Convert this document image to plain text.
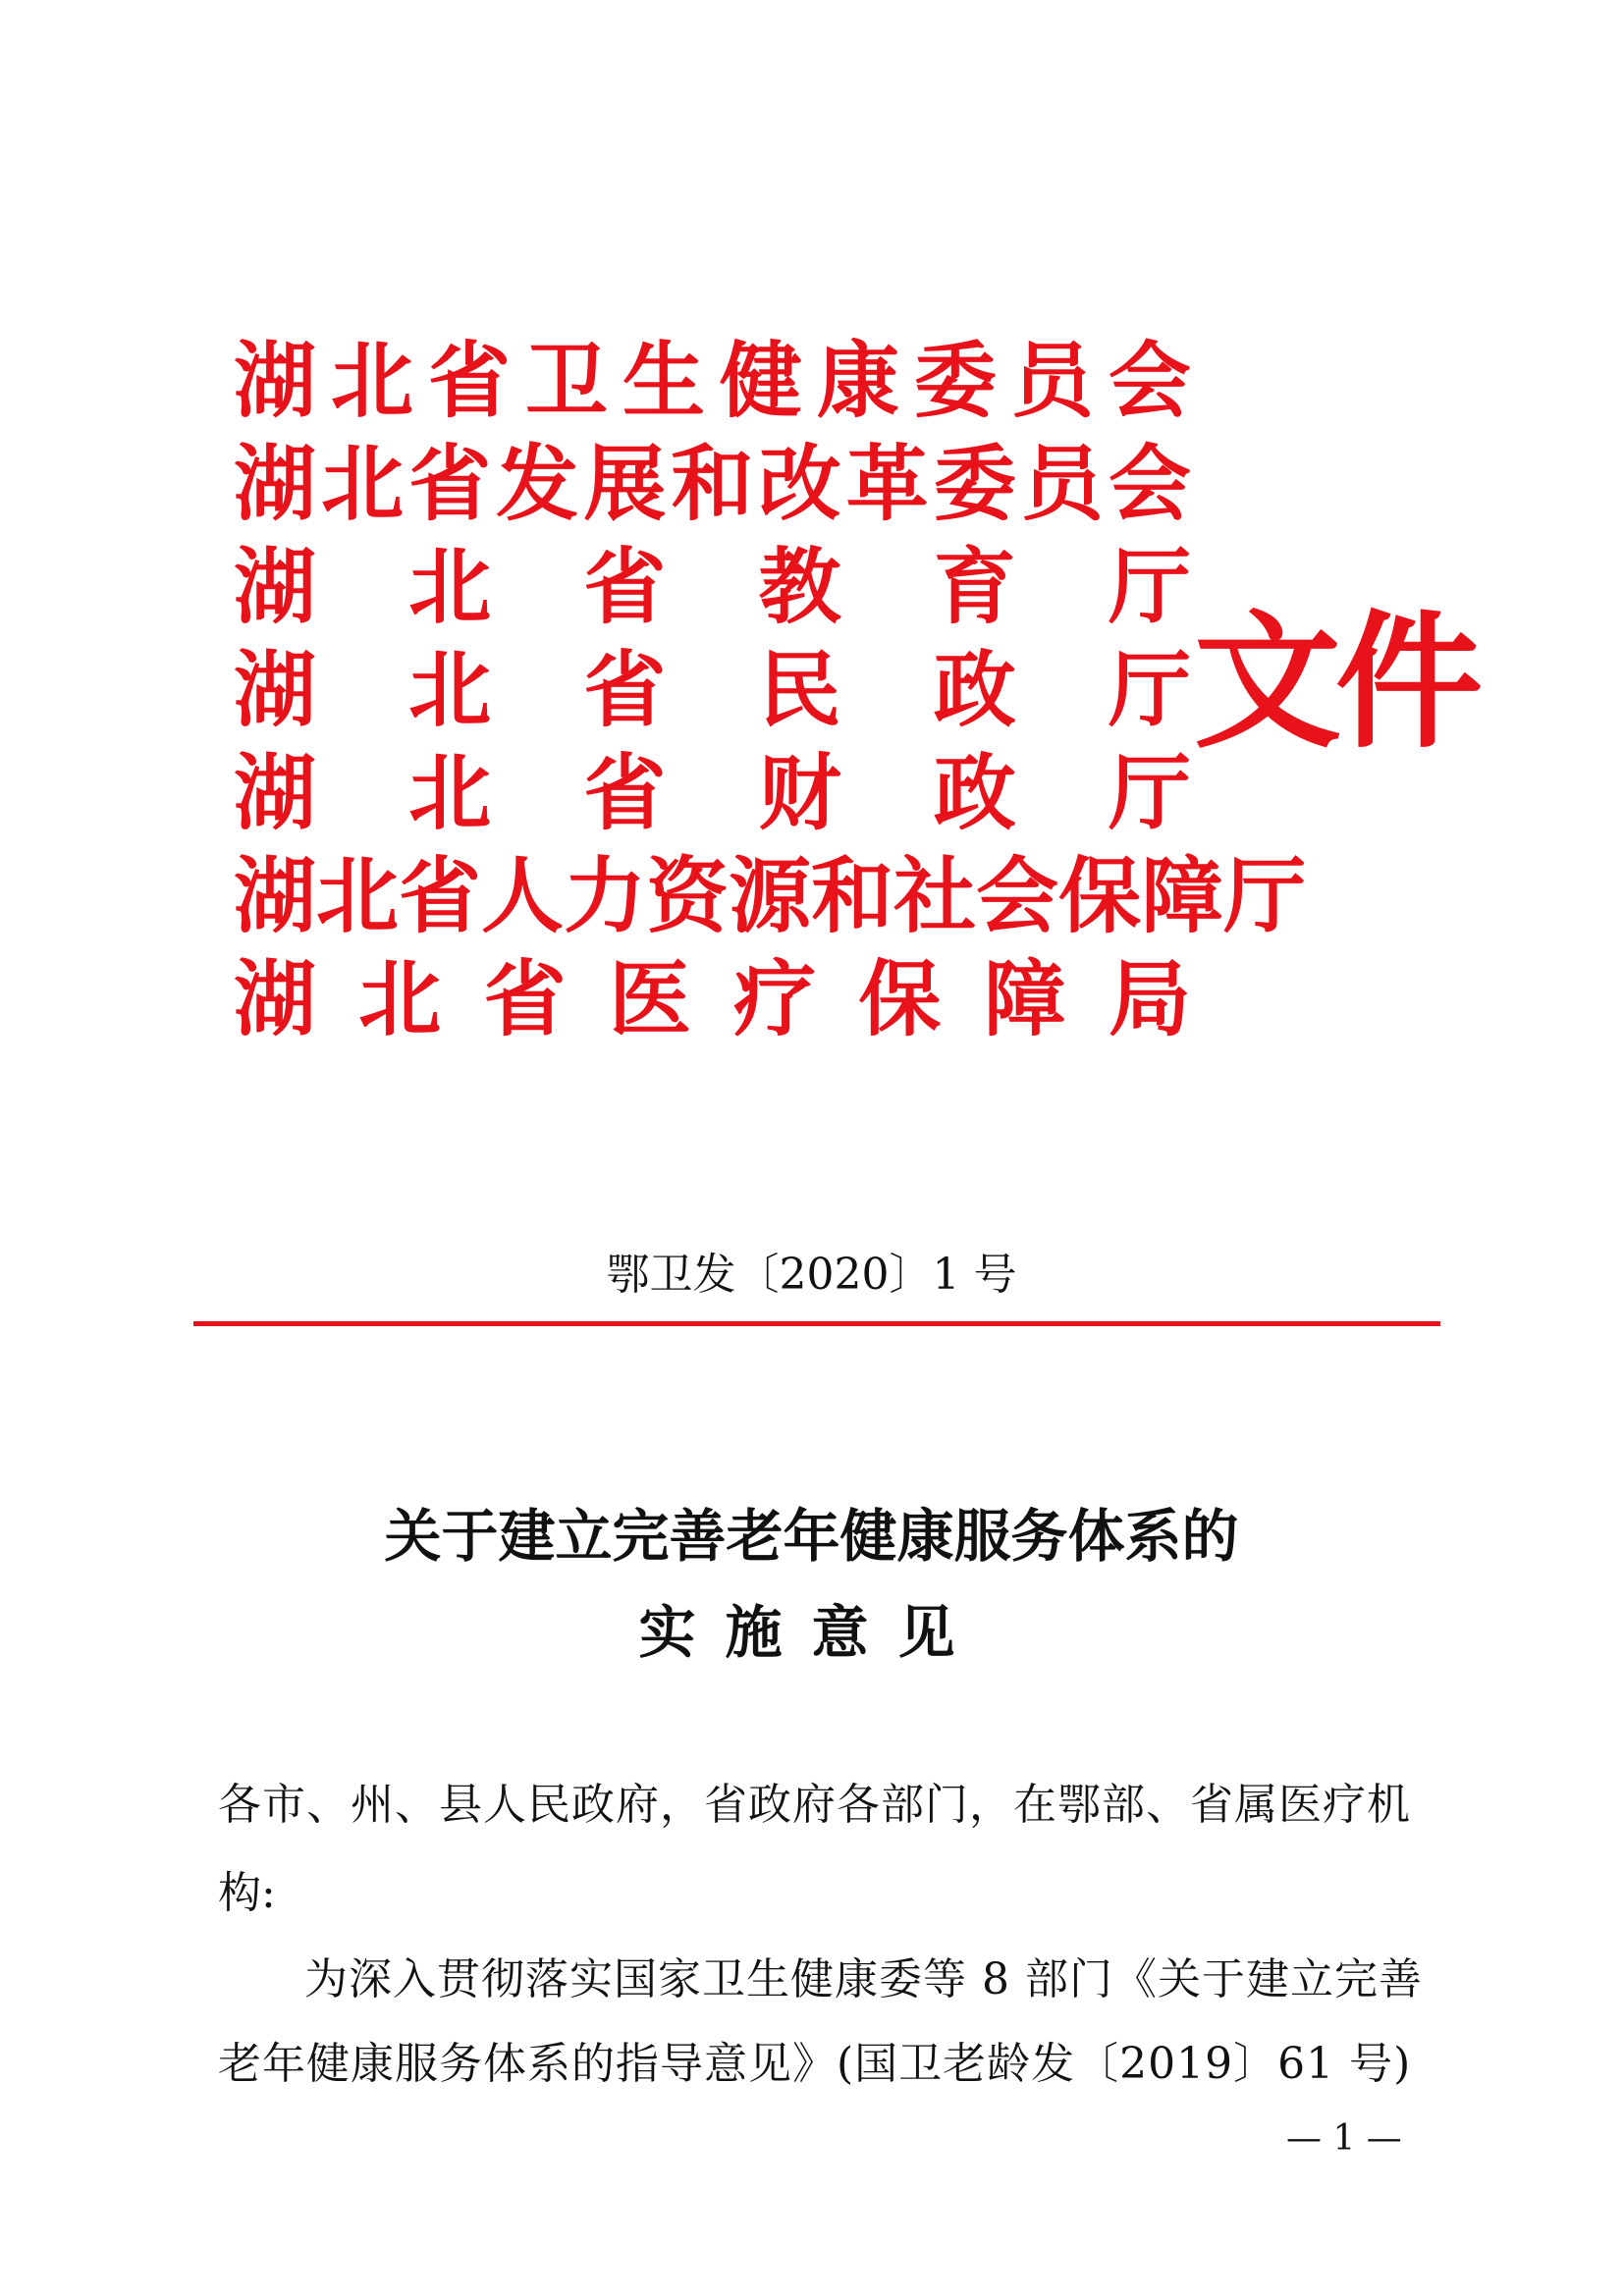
湖 北 省 卫 生 健 康 委 员 会
湖 北 省 发 展 和 改 革 委 员 会
湖 北 省 教 育 厅
湖 北 省 民 政 厅
湖 北 省 财 政 厅
湖 北 省 人 力 资 源 和 社 会 保 障 厅
湖 北 省 医 疗 保 障 局
文件
鄂卫发〔2020〕1 号
关于建立完善老年健康服务体系的
实施意见
各市、州、县人民政府，省政府各部门，在鄂部、省属医疗机
构:
为深入贯彻落实国家卫生健康委等 8 部门《关于建立完善
老年健康服务体系的指导意见》(国卫老龄发〔2019〕61 号)
— 1 —
